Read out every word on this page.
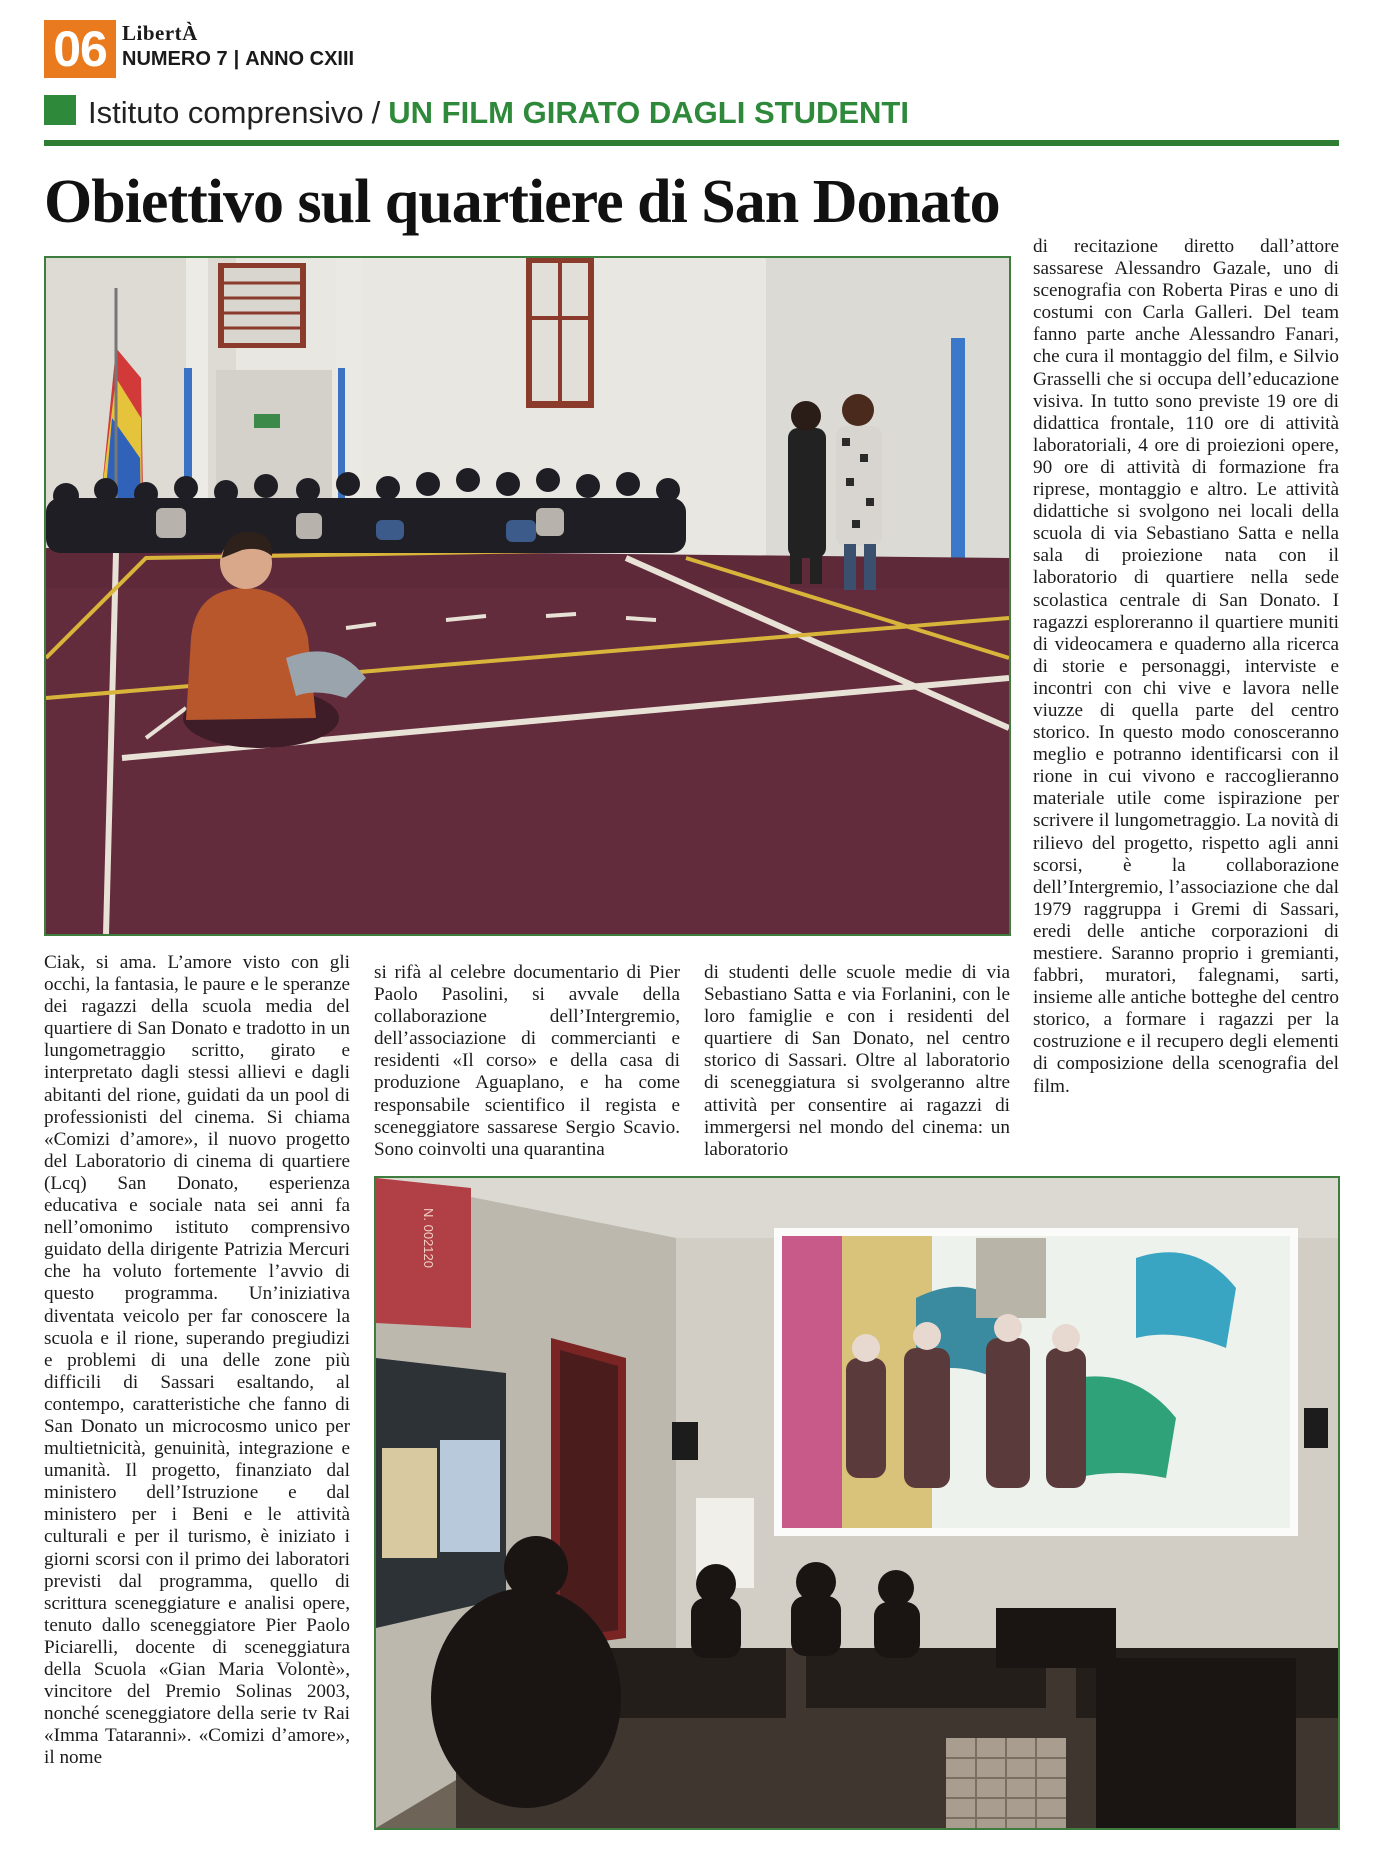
06 LibertÀ
NUMERO 7 | ANNO CXIII
Istituto comprensivo / UN FILM GIRATO DAGLI STUDENTI
Obiettivo sul quartiere di San Donato
di recitazione diretto dall’attore sassarese Alessandro Gazale, uno di scenografia con Roberta Piras e uno di costumi con Carla Galleri. Del team fanno parte anche Alessandro Fanari, che cura il montaggio del film, e Silvio Grasselli che si occupa dell’educazione visiva. In tutto sono previste 19 ore di didattica frontale, 110 ore di attività laboratoriali, 4 ore di proiezioni opere, 90 ore di attività di formazione fra riprese, montaggio e altro. Le attività didattiche si svolgono nei locali della scuola di via Sebastiano Satta e nella sala di proiezione nata con il laboratorio di quartiere nella sede scolastica centrale di San Donato. I ragazzi esploreranno il quartiere muniti di videocamera e quaderno alla ricerca di storie e personaggi, interviste e incontri con chi vive e lavora nelle viuzze di quella parte del centro storico. In questo modo conosceranno meglio e potranno identificarsi con il rione in cui vivono e raccoglieranno materiale utile come ispirazione per scrivere il lungometraggio. La novità di rilievo del progetto, rispetto agli anni scorsi, è la collaborazione dell’Intergremio, l’associazione che dal 1979 raggruppa i Gremi di Sassari, eredi delle antiche corporazioni di mestiere. Saranno proprio i gremianti, fabbri, muratori, falegnami, sarti, insieme alle antiche botteghe del centro storico, a formare i ragazzi per la costruzione e il recupero degli elementi di composizione della scenografia del film.
Ciak, si ama. L’amore visto con gli occhi, la fantasia, le paure e le speranze dei ragazzi della scuola media del quartiere di San Donato e tradotto in un lungometraggio scritto, girato e interpretato dagli stessi allievi e dagli abitanti del rione, guidati da un pool di professionisti del cinema. Si chiama «Comizi d’amore», il nuovo progetto del Laboratorio di cinema di quartiere (Lcq) San Donato, esperienza educativa e sociale nata sei anni fa nell’omonimo istituto comprensivo guidato della dirigente Patrizia Mercuri che ha voluto fortemente l’avvio di questo programma. Un’iniziativa diventata veicolo per far conoscere la scuola e il rione, superando pregiudizi e problemi di una delle zone più difficili di Sassari esaltando, al contempo, caratteristiche che fanno di San Donato un microcosmo unico per multietnicità, genuinità, integrazione e umanità. Il progetto, finanziato dal ministero dell’Istruzione e dal ministero per i Beni e le attività culturali e per il turismo, è iniziato i giorni scorsi con il primo dei laboratori previsti dal programma, quello di scrittura sceneggiature e analisi opere, tenuto dallo sceneggiatore Pier Paolo Piciarelli, docente di sceneggiatura della Scuola «Gian Maria Volontè», vincitore del Premio Solinas 2003, nonché sceneggiatore della serie tv Rai «Imma Tataranni». «Comizi d’amore», il nome
si rifà al celebre documentario di Pier Paolo Pasolini, si avvale della collaborazione dell’Intergremio, dell’associazione di commercianti e residenti «Il corso» e della casa di produzione Aguaplano, e ha come responsabile scientifico il regista e sceneggiatore sassarese Sergio Scavio. Sono coinvolti una quarantina
di studenti delle scuole medie di via Sebastiano Satta e via Forlanini, con le loro famiglie e con i residenti del quartiere di San Donato, nel centro storico di Sassari. Oltre al laboratorio di sceneggiatura si svolgeranno altre attività per consentire ai ragazzi di immergersi nel mondo del cinema: un laboratorio
N. 002120
